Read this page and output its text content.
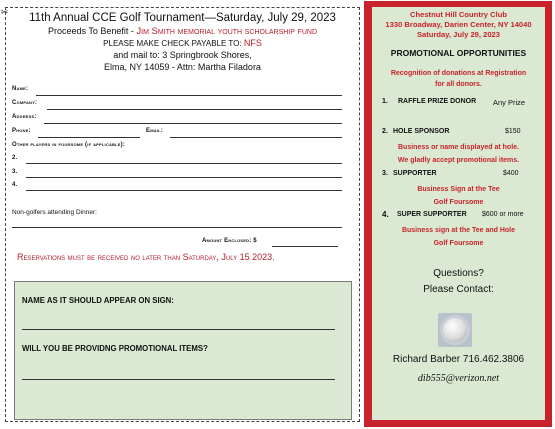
✂	11th Annual CCE Golf Tournament—Saturday, July 29, 2023
Proceeds To Benefit - Jim Smith memorial youth scholarship fund
PLEASE MAKE CHECK PAYABLE TO: NFS
and mail to: 3 Springbrook Shores,
Elma, NY 14059 - Attn: Martha Filadora
Name:
Company:
Address:
Phone:	Email:
Other players in foursome (if applicable):
2.
3.
4.
Non-golfers attending Dinner:
Amount Enclosed: $
Reservations must be received no later than Saturday, July 15 2023.
NAME AS IT SHOULD APPEAR ON SIGN:
WILL YOU BE PROVIDNG PROMOTIONAL ITEMS?
Chestnut Hill Country Club
1330 Broadway, Darien Center, NY 14040
Saturday, July 29, 2023
PROMOTIONAL OPPORTUNITIES
Recognition of donations at Registration
for all donors.
1. RAFFLE PRIZE DONOR Any Prize
2. HOLE SPONSOR	$150
Business or name displayed at hole.
We gladly accept promotional items.
3. SUPPORTER	$400
Business Sign at the Tee
Golf Foursome
4. SUPER SUPPORTER $600 or more
Business sign at the Tee and Hole
Golf Foursome
Questions?
Please Contact:
Richard Barber 716.462.3806
dib555@verizon.net
